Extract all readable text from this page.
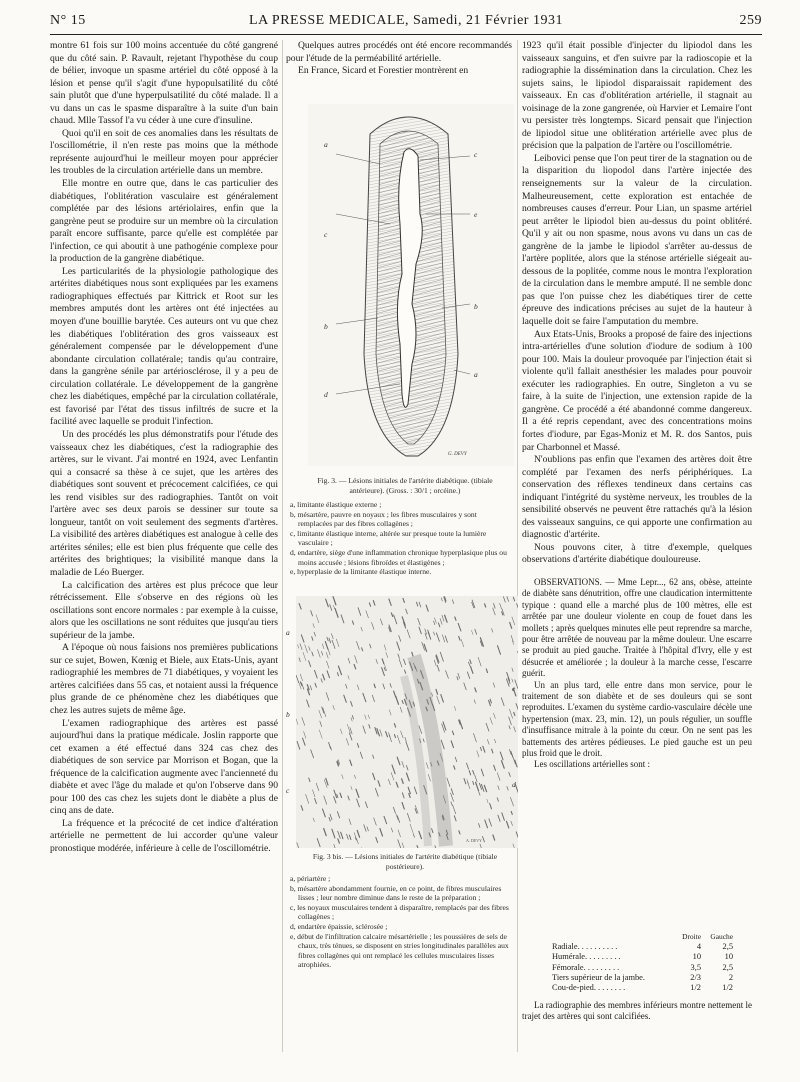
N° 15	LA PRESSE MEDICALE, Samedi, 21 Février 1931	259

montre 61 fois sur 100 moins accentuée du côté gangrené que du côté sain. P. Ravault, rejetant l'hypothèse du coup de bélier, invoque un spasme artériel du côté opposé à la lésion et pense qu'il s'agit d'une hypopulsatilité du côté sain plutôt que d'une hyperpulsatilité du côté malade. Il a vu dans un cas le spasme disparaître à la suite d'un bain chaud. Mlle Tassof l'a vu céder à une cure d'insuline.

Quoi qu'il en soit de ces anomalies dans les résultats de l'oscillométrie, il n'en reste pas moins que la méthode représente aujourd'hui le meilleur moyen pour apprécier les troubles de la circulation artérielle dans un membre.

Elle montre en outre que, dans le cas particulier des diabétiques, l'oblitération vasculaire est généralement complétée par des lésions artériolaires, enfin que la gangrène peut se produire sur un membre où la circulation paraît encore suffisante, parce qu'elle est complétée par l'infection, ce qui aboutit à une pathogénie complexe pour la production de la gangrène diabétique.

Les particularités de la physiologie pathologique des artérites diabétiques nous sont expliquées par les examens radiographiques effectués par Kittrick et Root sur les membres amputés dont les artères ont été injectées au moyen d'une bouillie barytée. Ces auteurs ont vu que chez les diabétiques l'oblitération des gros vaisseaux est généralement compensée par le développement d'une abondante circulation collatérale; tandis qu'au contraire, dans la gangrène sénile par artériosclérose, il y a peu de circulation collatérale. Le développement de la gangrène chez les diabétiques, empêché par la circulation collatérale, est favorisé par l'état des tissus infiltrés de sucre et la facilité avec laquelle se produit l'infection.

Un des procédés les plus démonstratifs pour l'étude des vaisseaux chez les diabétiques, c'est la radiographie des artères, sur le vivant. J'ai montré en 1924, avec Lenfantin qui a consacré sa thèse à ce sujet, que les artères des diabétiques sont souvent et précocement calcifiées, ce qui les rend visibles sur des radiographies. Tantôt on voit l'artère avec ses deux parois se dessiner sur toute sa longueur, tantôt on voit seulement des segments d'artères. La visibilité des artères diabétiques est analogue à celle des artérites séniles; elle est bien plus fréquente que celle des artérites des brightiques; la visibilité manque dans la maladie de Léo Buerger.

La calcification des artères est plus précoce que leur rétrécissement. Elle s'observe en des régions où les oscillations sont encore normales : par exemple à la cuisse, alors que les oscillations ne sont réduites que jusqu'au tiers supérieur de la jambe.

A l'époque où nous faisions nos premières publications sur ce sujet, Bowen, Kœnig et Biele, aux Etats-Unis, ayant radiographié les membres de 71 diabétiques, y voyaient les artères calcifiées dans 55 cas, et notaient aussi la fréquence plus grande de ce phénomène chez les diabétiques que chez les autres sujets de même âge.

L'examen radiographique des artères est passé aujourd'hui dans la pratique médicale. Joslin rapporte que cet examen a été effectué dans 324 cas chez des diabétiques de son service par Morrison et Bogan, que la fréquence de la calcification augmente avec l'ancienneté du diabète et avec l'âge du malade et qu'on l'observe dans 90 pour 100 des cas chez les sujets dont le diabète a plus de cinq ans de date.

La fréquence et la précocité de cet indice d'altération artérielle ne permettent de lui accorder qu'une valeur pronostique modérée, inférieure à celle de l'oscillométrie.

Quelques autres procédés ont été encore recommandés pour l'étude de la perméabilité artérielle.

En France, Sicard et Forestier montrèrent en

a
c
b
d
c
e
b
a
G. DEVY
Fig. 3. — Lésions initiales de l'artérite diabétique. (tibiale antérieure). (Gross. : 30/1 ; orcéine.)
a, limitante élastique externe ;
b, mésartère, pauvre en noyaux ; les fibres musculaires y sont remplacées par des fibres collagènes ;
c, limitante élastique interne, altérée sur presque toute la lumière vasculaire ;
d, endartère, siège d'une inflammation chronique hyperplasique plus ou moins accusée ; lésions fibroïdes et élastigènes ;
e, hyperplasie de la limitante élastique interne.
A. DEVY
a
b
c
e
d
Fig. 3 bis. — Lésions initiales de l'artérite diabétique (tibiale postérieure).
a, périartère ;
b, mésartère abondamment fournie, en ce point, de fibres musculaires lisses ; leur nombre diminue dans le reste de la préparation ;
c, les noyaux musculaires tendent à disparaître, remplacés par des fibres collagènes ;
d, endartère épaissie, sclérosée ;
e, début de l'infiltration calcaire mésartérielle ; les poussières de sels de chaux, très ténues, se disposent en stries longitudinales parallèles aux fibres collagènes qui ont remplacé les cellules musculaires lisses atrophiées.

1923 qu'il était possible d'injecter du lipiodol dans les vaisseaux sanguins, et d'en suivre par la radioscopie et la radiographie la dissémination dans la circulation. Chez les sujets sains, le lipiodol disparaissait rapidement des vaisseaux. En cas d'oblitération artérielle, il stagnait au voisinage de la zone gangrenée, où Harvier et Lemaire l'ont vu persister très longtemps. Sicard pensait que l'injection de lipiodol situe une oblitération artérielle avec plus de précision que la palpation de l'artère ou l'oscillométrie.

Leibovici pense que l'on peut tirer de la stagnation ou de la disparition du liopodol dans l'artère injectée des renseignements sur la valeur de la circulation. Malheureusement, cette exploration est entachée de nombreuses causes d'erreur. Pour Lian, un spasme artériel peut arrêter le lipiodol bien au-dessus du point oblitéré. Qu'il y ait ou non spasme, nous avons vu dans un cas de gangrène de la jambe le lipiodol s'arrêter au-dessus de l'artère poplitée, alors que la sténose artérielle siégeait au-dessous de la poplitée, comme nous le montra l'exploration de la circulation dans le membre amputé. Il ne semble donc pas que l'on puisse chez les diabétiques tirer de cette épreuve des indications précises au sujet de la hauteur à laquelle doit se faire l'amputation du membre.

Aux Etats-Unis, Brooks a proposé de faire des injections intra-artérielles d'une solution d'iodure de sodium à 100 pour 100. Mais la douleur provoquée par l'injection était si violente qu'il fallait anesthésier les malades pour pouvoir exécuter les radiographies. En outre, Singleton a vu se faire, à la suite de l'injection, une extension rapide de la gangrène. Ce procédé a été abandonné comme dangereux. Il a été repris cependant, avec des concentrations moins fortes d'iodure, par Egas-Moniz et M. R. dos Santos, puis par Charbonnel et Massé.

N'oublions pas enfin que l'examen des artères doit être complété par l'examen des nerfs périphériques. La conservation des réflexes tendineux dans certains cas indiquant l'intégrité du système nerveux, les troubles de la sensibilité observés ne peuvent être rattachés qu'à la lésion des vaisseaux sanguins, ce qui apporte une confirmation au diagnostic d'artérite.

Nous pouvons citer, à titre d'exemple, quelques observations d'artérite diabétique douloureuse.

OBSERVATIONS. — Mme Lepr..., 62 ans, obèse, atteinte de diabète sans dénutrition, offre une claudication intermittente typique : quand elle a marché plus de 100 mètres, elle est arrêtée par une douleur violente en coup de fouet dans les mollets ; après quelques minutes elle peut reprendre sa marche, pour être arrêtée de nouveau par la même douleur. Une escarre se produit au pied gauche. Traitée à l'hôpital d'Ivry, elle y est désucrée et améliorée ; la douleur à la marche cesse, l'escarre guérit.

Un an plus tard, elle entre dans mon service, pour le traitement de son diabète et de ses douleurs qui se sont reproduites. L'examen du système cardio-vasculaire décèle une hypertension (max. 23, min. 12), un pouls régulier, un souffle d'insuffisance mitrale à la pointe du cœur. On ne sent pas les battements des artères pédieuses. Le pied gauche est un peu plus froid que le droit.

Les oscillations artérielles sont :

Droite	Gauche
Radiale. . . . . . . . . .	4	2,5
Humérale. . . . . . . . .	10	10
Fémorale. . . . . . . . .	3,5	2,5
Tiers supérieur de la jambe.	2/3	2
Cou-de-pied. . . . . . . .	1/2	1/2

La radiographie des membres inférieurs montre nettement le trajet des artères qui sont calcifiées.
